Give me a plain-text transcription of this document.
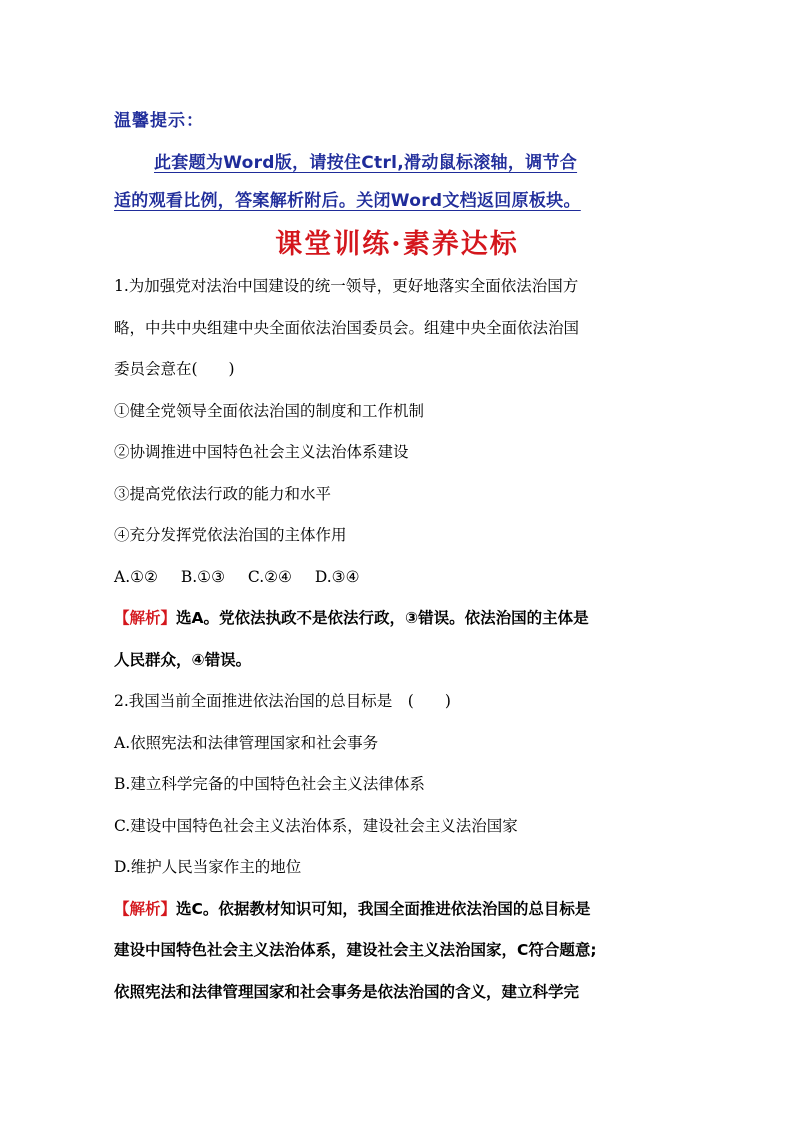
温馨提示：
此套题为Word版，请按住Ctrl,滑动鼠标滚轴，调节合
适的观看比例，答案解析附后。关闭Word文档返回原板块。
课堂训练·素养达标
1.为加强党对法治中国建设的统一领导，更好地落实全面依法治国方
略，中共中央组建中央全面依法治国委员会。组建中央全面依法治国
委员会意在(　　)
①健全党领导全面依法治国的制度和工作机制
②协调推进中国特色社会主义法治体系建设
③提高党依法行政的能力和水平
④充分发挥党依法治国的主体作用
A.①② B.①③ C.②④ D.③④
【解析】选A。党依法执政不是依法行政，③错误。依法治国的主体是
人民群众，④错误。
2.我国当前全面推进依法治国的总目标是　(　　)
A.依照宪法和法律管理国家和社会事务
B.建立科学完备的中国特色社会主义法律体系
C.建设中国特色社会主义法治体系，建设社会主义法治国家
D.维护人民当家作主的地位
【解析】选C。依据教材知识可知，我国全面推进依法治国的总目标是
建设中国特色社会主义法治体系，建设社会主义法治国家，C符合题意;
依照宪法和法律管理国家和社会事务是依法治国的含义，建立科学完
